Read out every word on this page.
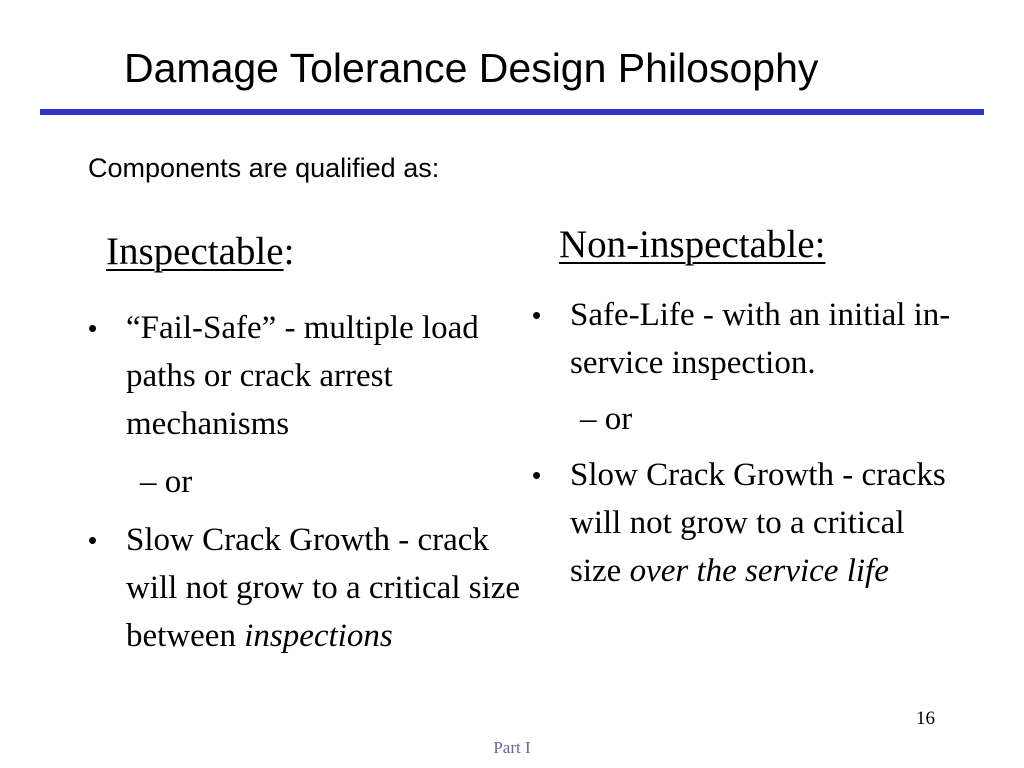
Damage Tolerance Design Philosophy
Components are qualified as:
Inspectable:
• “Fail-Safe” - multiple load paths or crack arrest mechanisms
– or
• Slow Crack Growth - crack will not grow to a critical size between inspections
Non-inspectable:
• Safe-Life - with an initial in-service inspection.
– or
• Slow Crack Growth - cracks will not grow to a critical size over the service life
16
Part I
